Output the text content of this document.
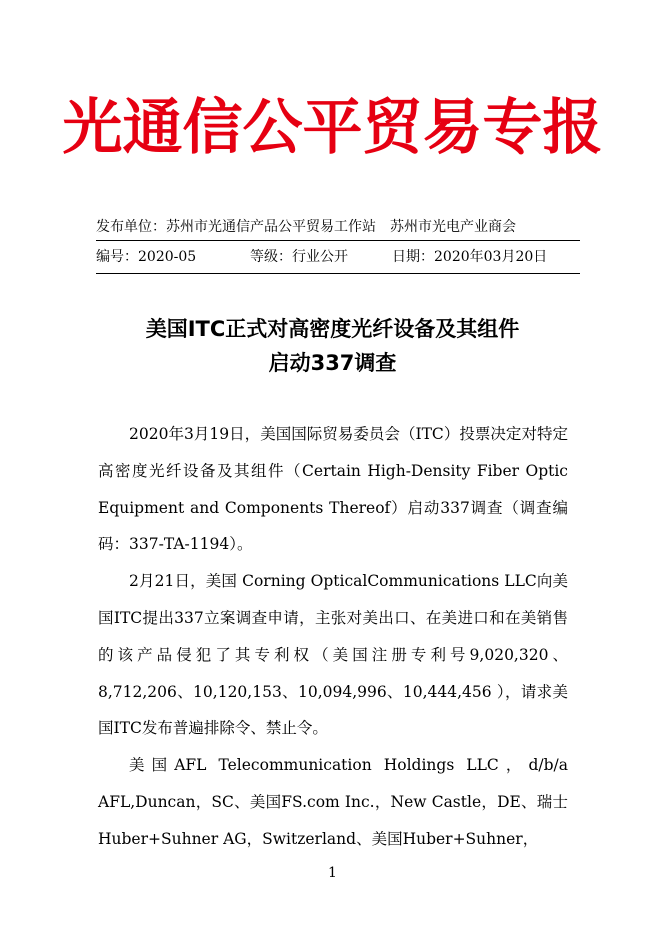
光通信公平贸易专报
发布单位：苏州市光通信产品公平贸易工作站　苏州市光电产业商会
编号：2020-05	等级：行业公开	日期：2020年03月20日
美国ITC正式对高密度光纤设备及其组件
启动337调查

2020年3月19日，美国国际贸易委员会（ITC）投票决定对特定高密度光纤设备及其组件（Certain High-Density Fiber Optic Equipment and Components Thereof）启动337调查（调查编码：337-TA-1194）。

2月21日，美国 Corning OpticalCommunications LLC向美国ITC提出337立案调查申请，主张对美出口、在美进口和在美销售的该产品侵犯了其专利权（美国注册专利号9,020,320、8,712,206、10,120,153、10,094,996、10,444,456 ），请求美国ITC发布普遍排除令、禁止令。

美国AFL Telecommunication Holdings LLC，d/b/a AFL,Duncan，SC、美国FS.com Inc.，New Castle，DE、瑞士Huber+Suhner AG，Switzerland、美国Huber+Suhner，

1
